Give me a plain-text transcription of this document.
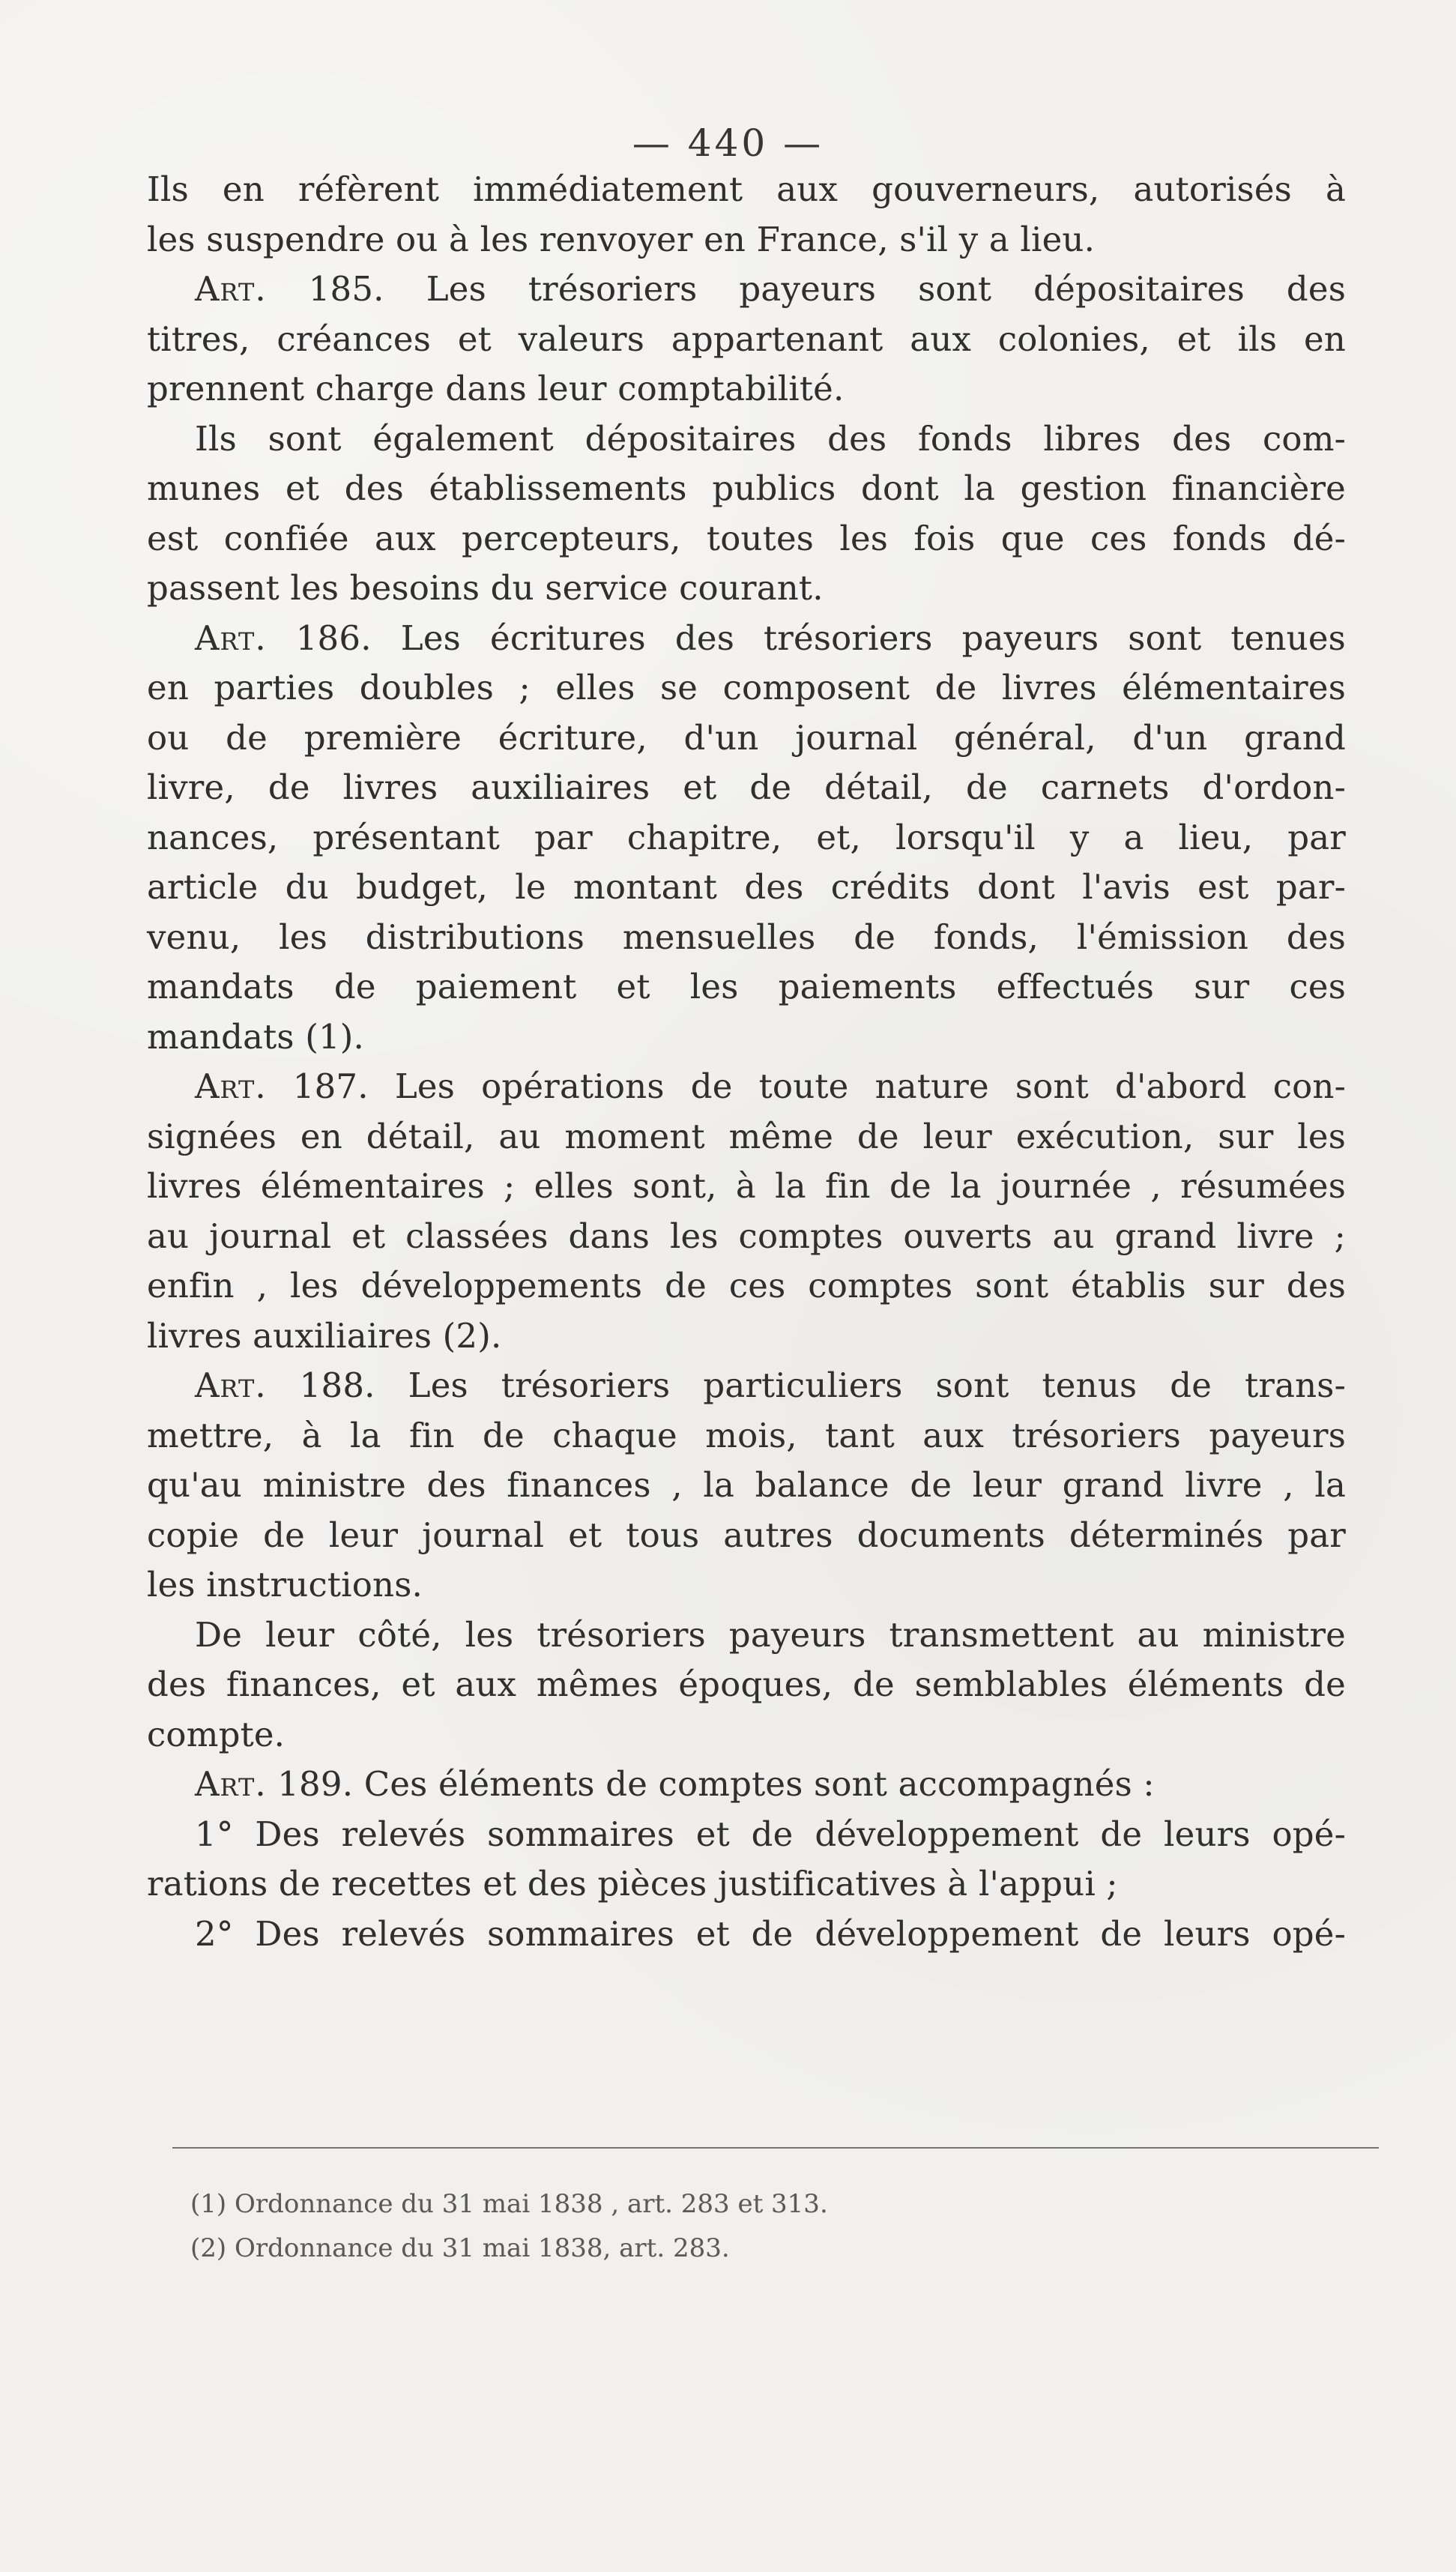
— 440 —
Ils en réfèrent immédiatement aux gouverneurs, autorisés à
les suspendre ou à les renvoyer en France, s'il y a lieu.
Art. 185. Les trésoriers payeurs sont dépositaires des
titres, créances et valeurs appartenant aux colonies, et ils en
prennent charge dans leur comptabilité.
Ils sont également dépositaires des fonds libres des com-
munes et des établissements publics dont la gestion financière
est confiée aux percepteurs, toutes les fois que ces fonds dé-
passent les besoins du service courant.
Art. 186. Les écritures des trésoriers payeurs sont tenues
en parties doubles ; elles se composent de livres élémentaires
ou de première écriture, d'un journal général, d'un grand
livre, de livres auxiliaires et de détail, de carnets d'ordon-
nances, présentant par chapitre, et, lorsqu'il y a lieu, par
article du budget, le montant des crédits dont l'avis est par-
venu, les distributions mensuelles de fonds, l'émission des
mandats de paiement et les paiements effectués sur ces
mandats (1).
Art. 187. Les opérations de toute nature sont d'abord con-
signées en détail, au moment même de leur exécution, sur les
livres élémentaires ; elles sont, à la fin de la journée , résumées
au journal et classées dans les comptes ouverts au grand livre ;
enfin , les développements de ces comptes sont établis sur des
livres auxiliaires (2).
Art. 188. Les trésoriers particuliers sont tenus de trans-
mettre, à la fin de chaque mois, tant aux trésoriers payeurs
qu'au ministre des finances , la balance de leur grand livre , la
copie de leur journal et tous autres documents déterminés par
les instructions.
De leur côté, les trésoriers payeurs transmettent au ministre
des finances, et aux mêmes époques, de semblables éléments de
compte.
Art. 189. Ces éléments de comptes sont accompagnés :
1° Des relevés sommaires et de développement de leurs opé-
rations de recettes et des pièces justificatives à l'appui ;
2° Des relevés sommaires et de développement de leurs opé-
(1) Ordonnance du 31 mai 1838 , art. 283 et 313.
(2) Ordonnance du 31 mai 1838, art. 283.
